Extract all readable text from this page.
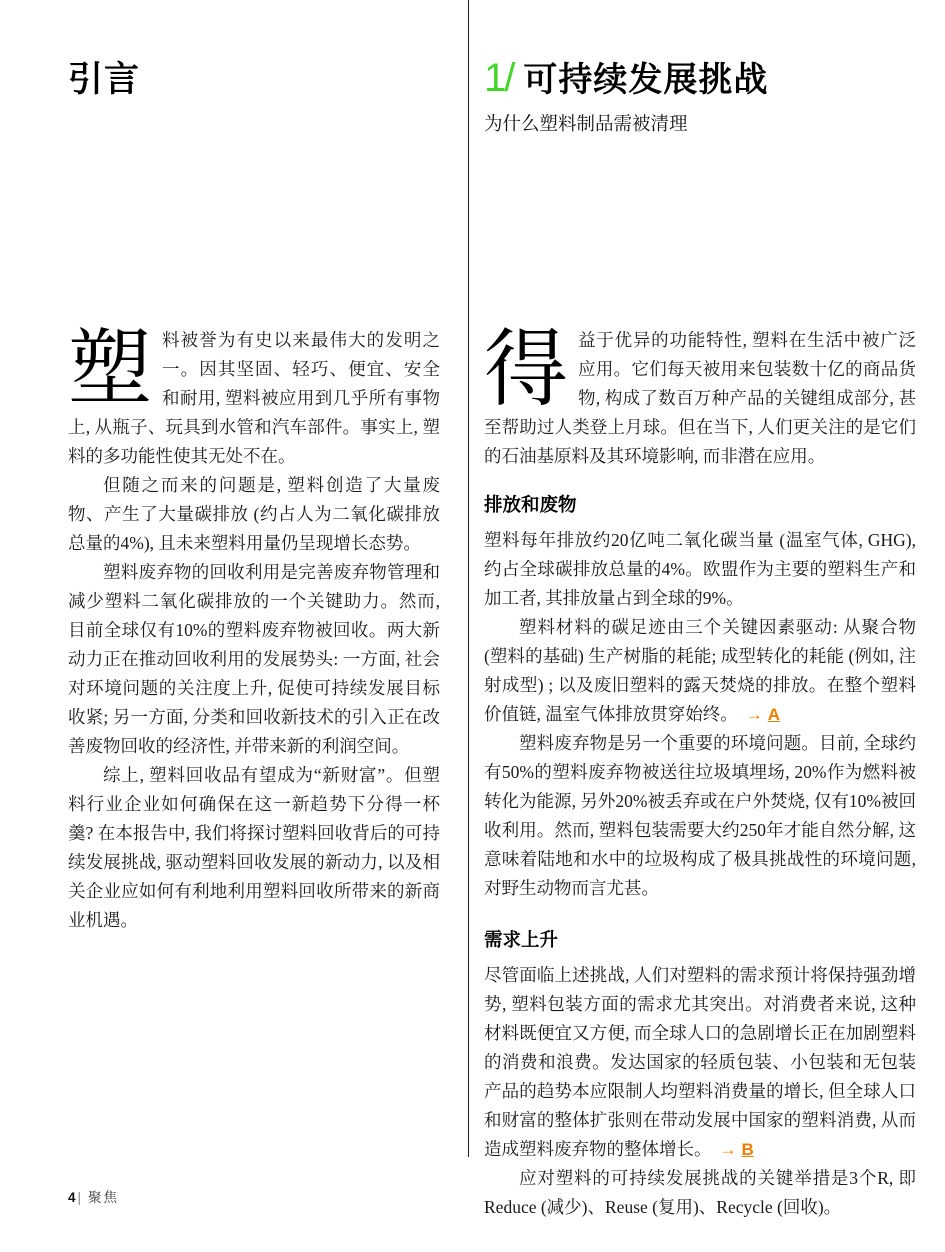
引言

塑料被誉为有史以来最伟大的发明之一。因其坚固、轻巧、便宜、安全和耐用, 塑料被应用到几乎所有事物上, 从瓶子、玩具到水管和汽车部件。事实上, 塑料的多功能性使其无处不在。

但随之而来的问题是, 塑料创造了大量废物、产生了大量碳排放 (约占人为二氧化碳排放总量的4%), 且未来塑料用量仍呈现增长态势。

塑料废弃物的回收利用是完善废弃物管理和减少塑料二氧化碳排放的一个关键助力。然而, 目前全球仅有10%的塑料废弃物被回收。两大新动力正在推动回收利用的发展势头: 一方面, 社会对环境问题的关注度上升, 促使可持续发展目标收紧; 另一方面, 分类和回收新技术的引入正在改善废物回收的经济性, 并带来新的利润空间。

综上, 塑料回收品有望成为“新财富”。但塑料行业企业如何确保在这一新趋势下分得一杯羹? 在本报告中, 我们将探讨塑料回收背后的可持续发展挑战, 驱动塑料回收发展的新动力, 以及相关企业应如何有利地利用塑料回收所带来的新商业机遇。

1/ 可持续发展挑战

为什么塑料制品需被清理

得益于优异的功能特性, 塑料在生活中被广泛应用。它们每天被用来包装数十亿的商品货物, 构成了数百万种产品的关键组成部分, 甚至帮助过人类登上月球。但在当下, 人们更关注的是它们的石油基原料及其环境影响, 而非潜在应用。

排放和废物

塑料每年排放约20亿吨二氧化碳当量 (温室气体, GHG), 约占全球碳排放总量的4%。欧盟作为主要的塑料生产和加工者, 其排放量占到全球的9%。

塑料材料的碳足迹由三个关键因素驱动: 从聚合物 (塑料的基础) 生产树脂的耗能; 成型转化的耗能 (例如, 注射成型) ; 以及废旧塑料的露天焚烧的排放。在整个塑料价值链, 温室气体排放贯穿始终。 → A

塑料废弃物是另一个重要的环境问题。目前, 全球约有50%的塑料废弃物被送往垃圾填埋场, 20%作为燃料被转化为能源, 另外20%被丢弃或在户外焚烧, 仅有10%被回收利用。然而, 塑料包装需要大约250年才能自然分解, 这意味着陆地和水中的垃圾构成了极具挑战性的环境问题, 对野生动物而言尤甚。

需求上升

尽管面临上述挑战, 人们对塑料的需求预计将保持强劲增势, 塑料包装方面的需求尤其突出。对消费者来说, 这种材料既便宜又方便, 而全球人口的急剧增长正在加剧塑料的消费和浪费。发达国家的轻质包装、小包装和无包装产品的趋势本应限制人均塑料消费量的增长, 但全球人口和财富的整体扩张则在带动发展中国家的塑料消费, 从而造成塑料废弃物的整体增长。 → B

应对塑料的可持续发展挑战的关键举措是3个R, 即Reduce (减少)、Reuse (复用)、Recycle (回收)。

4 | 聚焦
